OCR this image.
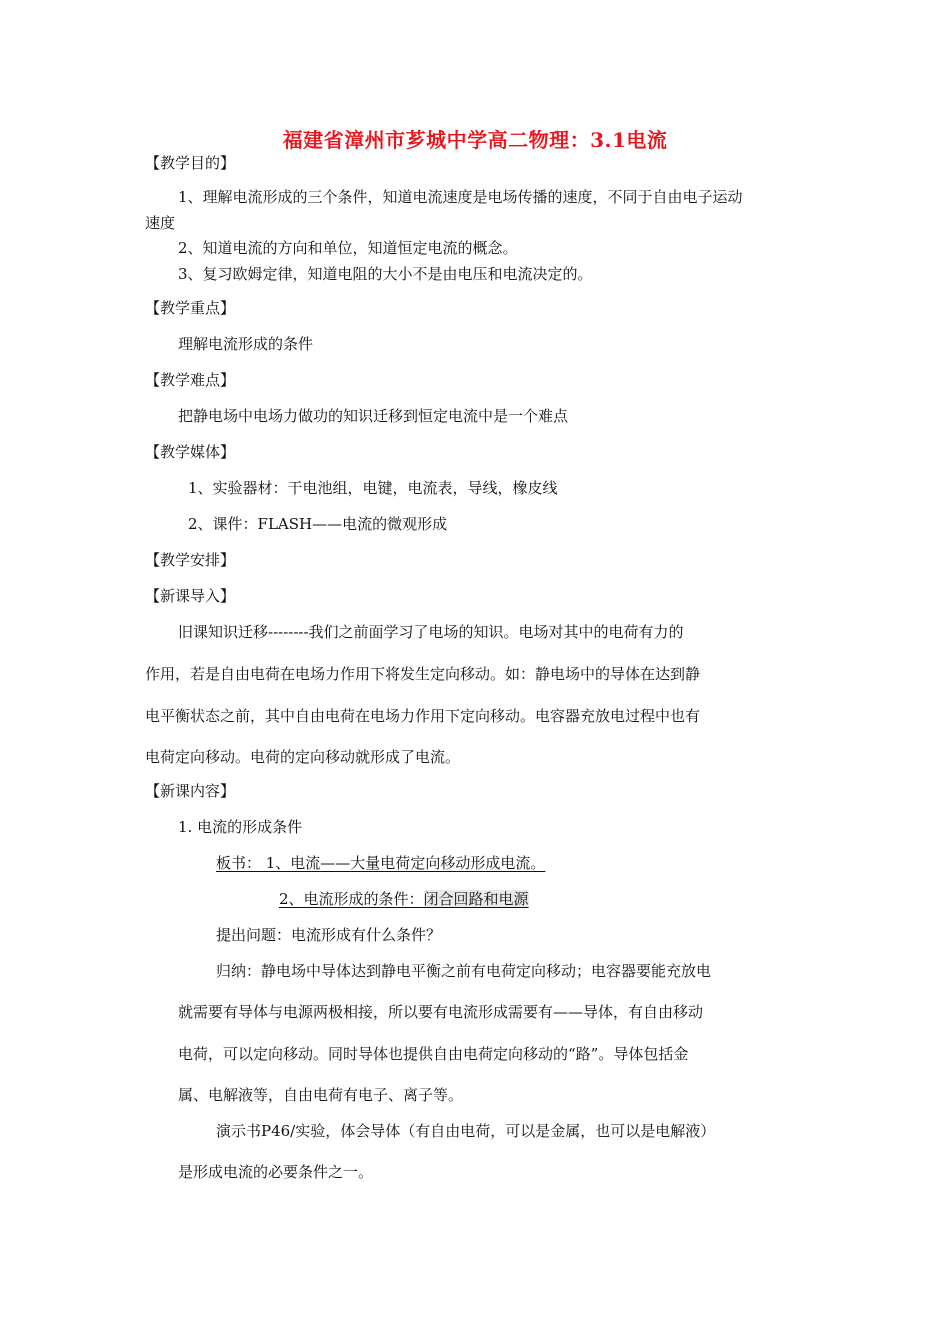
福建省漳州市芗城中学高二物理：3.1电流
【教学目的】
1、理解电流形成的三个条件，知道电流速度是电场传播的速度，不同于自由电子运动
速度
2、知道电流的方向和单位，知道恒定电流的概念。
3、复习欧姆定律，知道电阻的大小不是由电压和电流决定的。
【教学重点】
理解电流形成的条件
【教学难点】
把静电场中电场力做功的知识迁移到恒定电流中是一个难点
【教学媒体】
1、实验器材：干电池组，电键，电流表，导线，橡皮线
2、课件：FLASH——电流的微观形成
【教学安排】
【新课导入】
旧课知识迁移--------我们之前面学习了电场的知识。电场对其中的电荷有力的
作用，若是自由电荷在电场力作用下将发生定向移动。如：静电场中的导体在达到静
电平衡状态之前，其中自由电荷在电场力作用下定向移动。电容器充放电过程中也有
电荷定向移动。电荷的定向移动就形成了电流。
【新课内容】
1. 电流的形成条件
板书： 1、电流——大量电荷定向移动形成电流。
2、电流形成的条件：闭合回路和电源
提出问题：电流形成有什么条件？
归纳：静电场中导体达到静电平衡之前有电荷定向移动；电容器要能充放电
就需要有导体与电源两极相接，所以要有电流形成需要有——导体，有自由移动
电荷，可以定向移动。同时导体也提供自由电荷定向移动的“路”。导体包括金
属、电解液等，自由电荷有电子、离子等。
演示书P46/实验，体会导体（有自由电荷，可以是金属，也可以是电解液）
是形成电流的必要条件之一。
